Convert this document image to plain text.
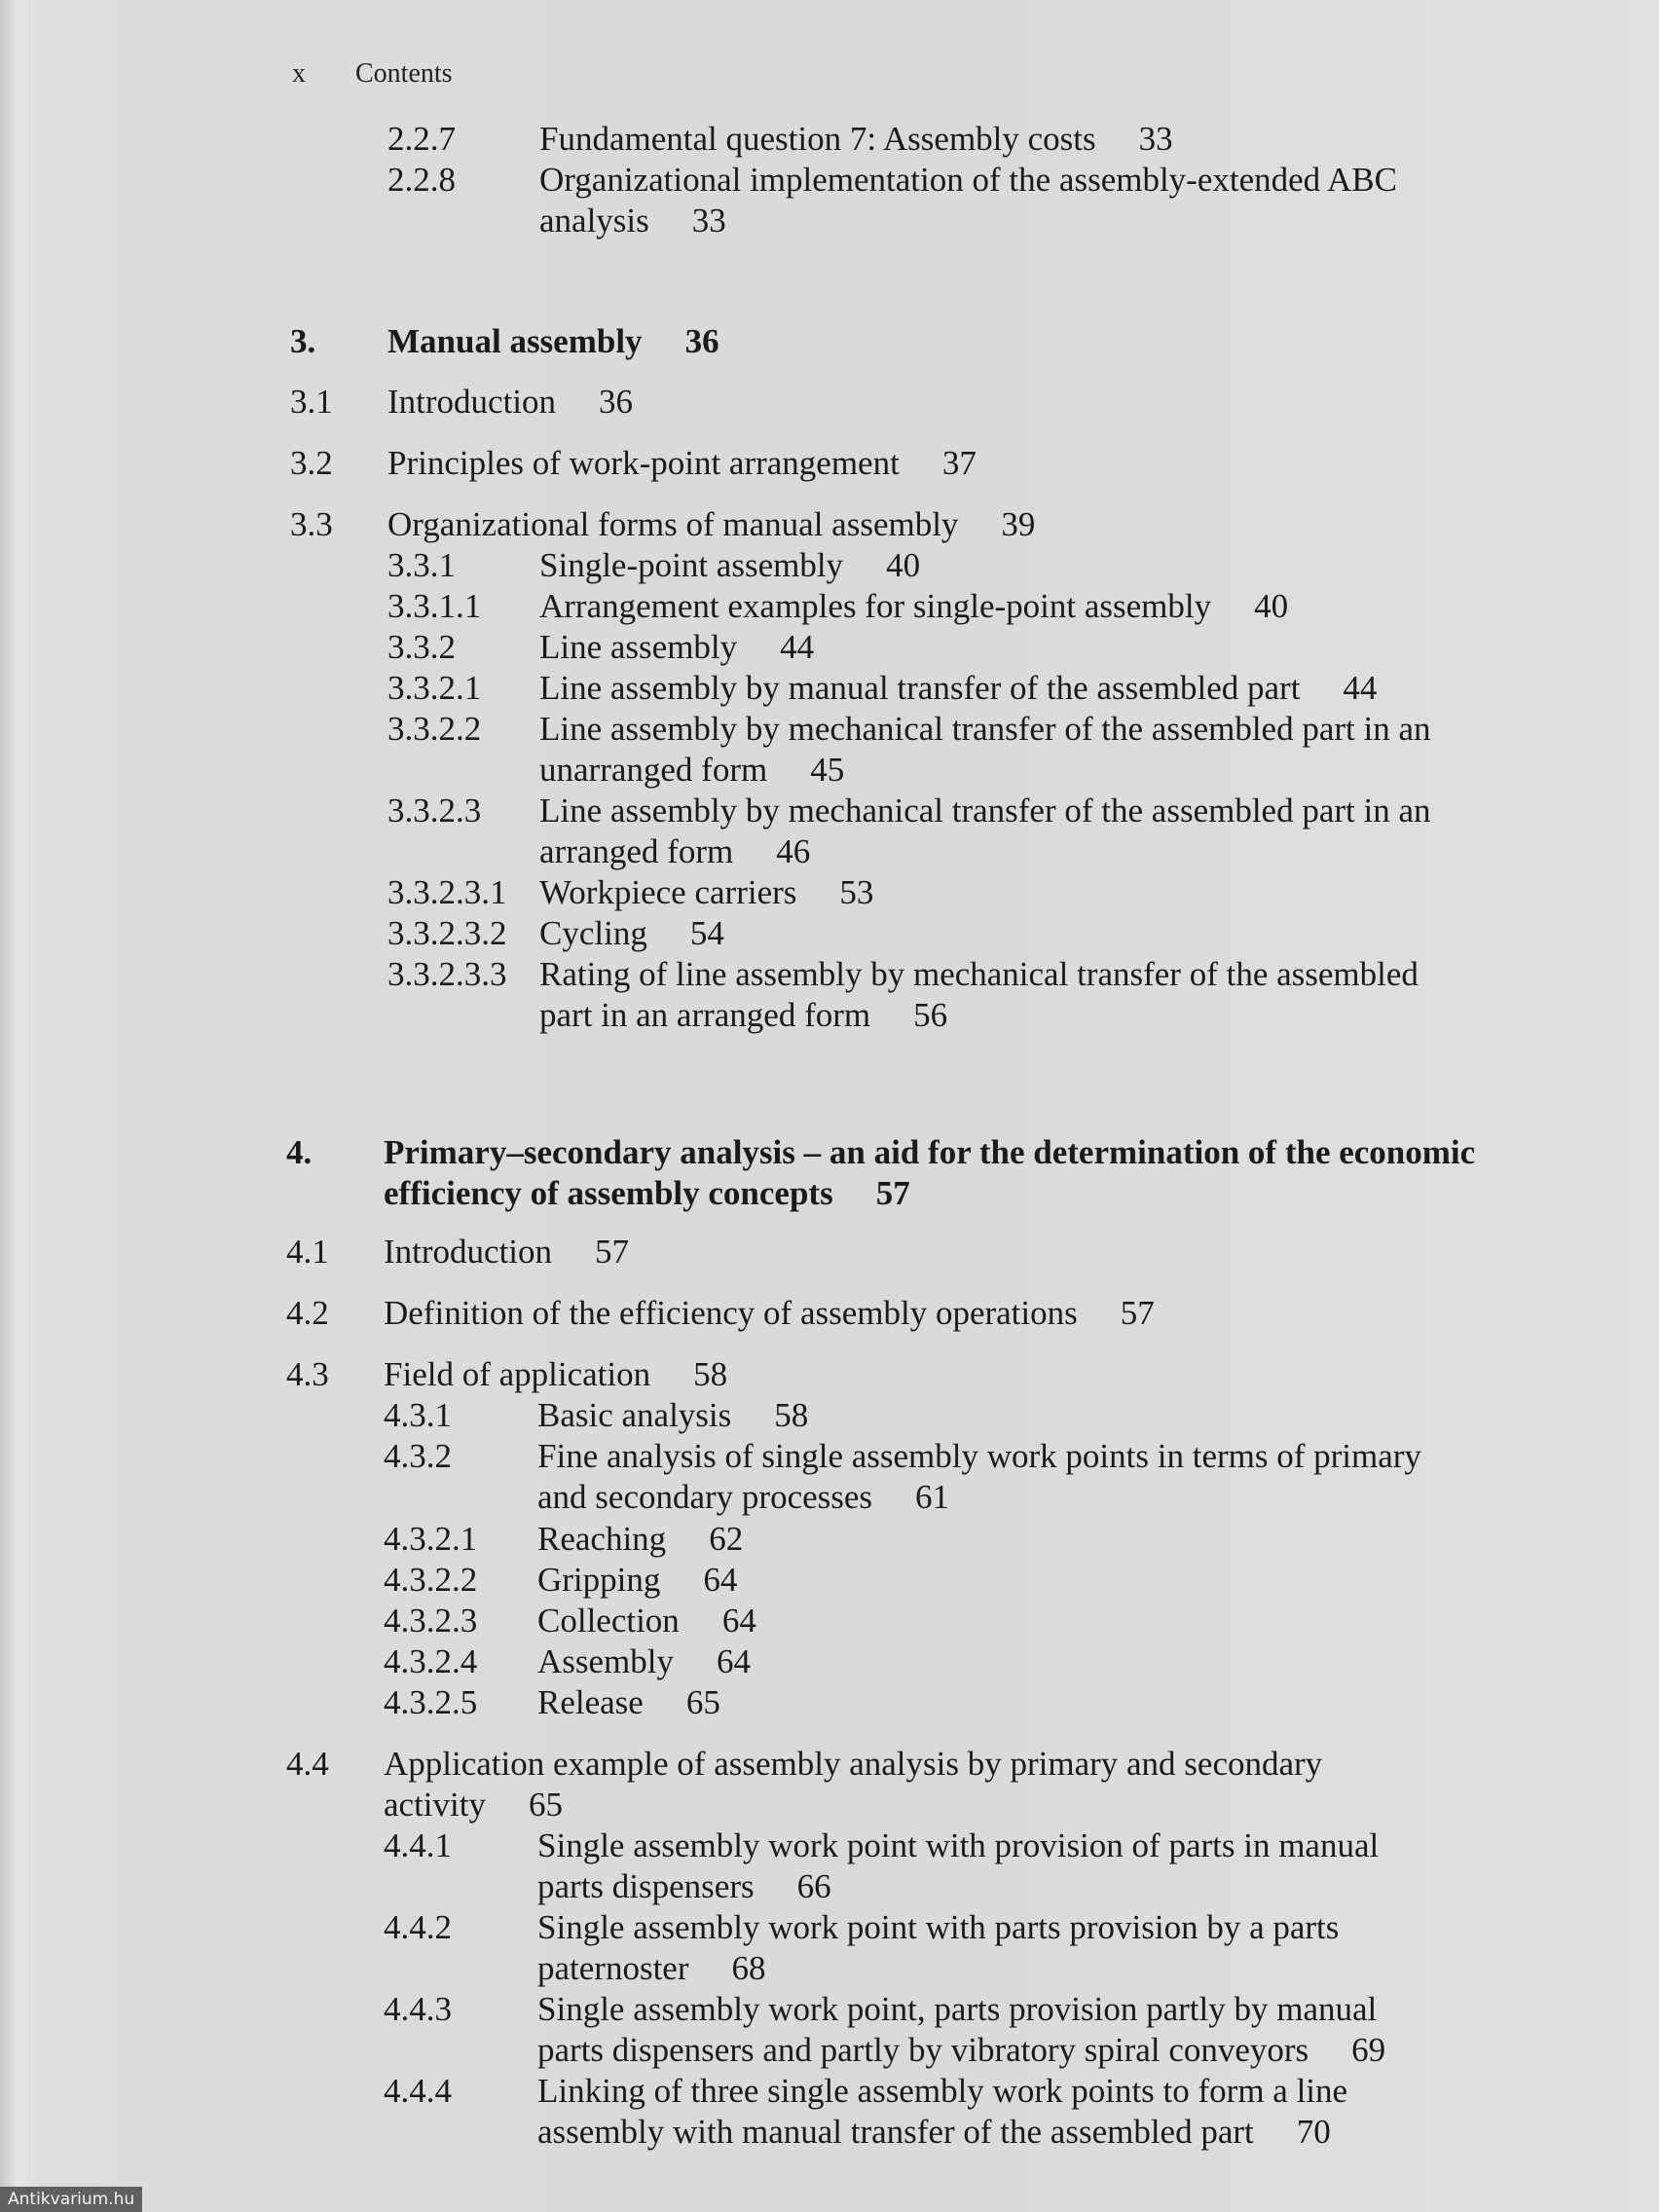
x Contents
2.2.7 Fundamental question 7: Assembly costs 33
2.2.8 Organizational implementation of the assembly-extended ABC
analysis 33
3. Manual assembly 36
3.1 Introduction 36
3.2 Principles of work-point arrangement 37
3.3 Organizational forms of manual assembly 39
3.3.1 Single-point assembly 40
3.3.1.1 Arrangement examples for single-point assembly 40
3.3.2 Line assembly 44
3.3.2.1 Line assembly by manual transfer of the assembled part 44
3.3.2.2 Line assembly by mechanical transfer of the assembled part in an
unarranged form 45
3.3.2.3 Line assembly by mechanical transfer of the assembled part in an
arranged form 46
3.3.2.3.1 Workpiece carriers 53
3.3.2.3.2 Cycling 54
3.3.2.3.3 Rating of line assembly by mechanical transfer of the assembled
part in an arranged form 56
4. Primary–secondary analysis – an aid for the determination of the economic
efficiency of assembly concepts 57
4.1 Introduction 57
4.2 Definition of the efficiency of assembly operations 57
4.3 Field of application 58
4.3.1	Basic analysis 58
4.3.2	Fine analysis of single assembly work points in terms of primary
and secondary processes 61
4.3.2.1 Reaching 62
4.3.2.2 Gripping 64
4.3.2.3 Collection 64
4.3.2.4 Assembly 64
4.3.2.5 Release 65
4.4 Application example of assembly analysis by primary and secondary
activity 65
4.4.1	Single assembly work point with provision of parts in manual
parts dispensers 66
4.4.2	Single assembly work point with parts provision by a parts
paternoster 68
4.4.3	Single assembly work point, parts provision partly by manual
parts dispensers and partly by vibratory spiral conveyors 69
4.4.4	Linking of three single assembly work points to form a line
assembly with manual transfer of the assembled part 70
Antikvarium.hu
